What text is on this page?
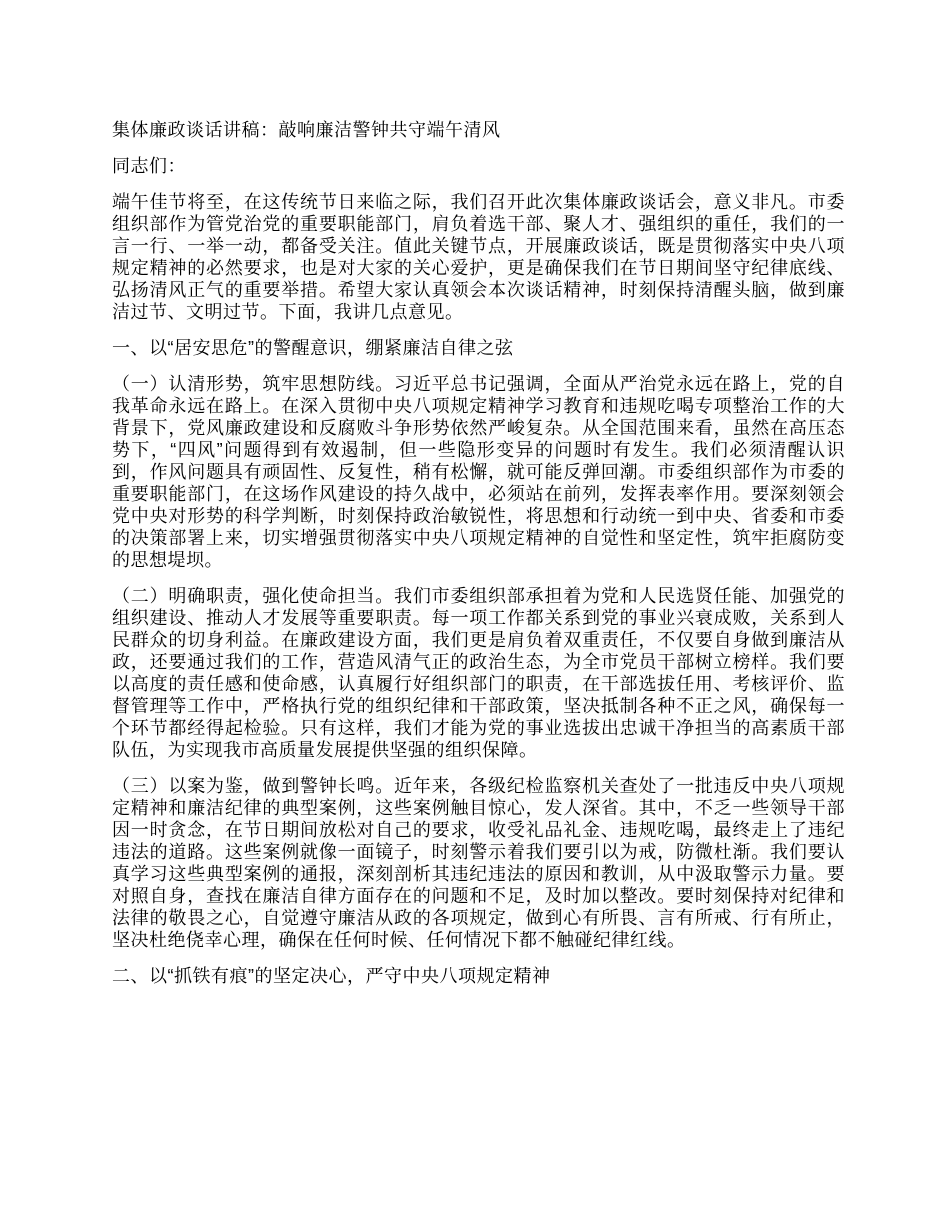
集体廉政谈话讲稿：敲响廉洁警钟共守端午清风

同志们：

端午佳节将至，在这传统节日来临之际，我们召开此次集体廉政谈话会，意义非凡。市委组织部作为管党治党的重要职能部门，肩负着选干部、聚人才、强组织的重任，我们的一言一行、一举一动，都备受关注。值此关键节点，开展廉政谈话，既是贯彻落实中央八项规定精神的必然要求，也是对大家的关心爱护，更是确保我们在节日期间坚守纪律底线、弘扬清风正气的重要举措。希望大家认真领会本次谈话精神，时刻保持清醒头脑，做到廉洁过节、文明过节。下面，我讲几点意见。

一、以“居安思危”的警醒意识，绷紧廉洁自律之弦

（一）认清形势，筑牢思想防线。习近平总书记强调，全面从严治党永远在路上，党的自我革命永远在路上。在深入贯彻中央八项规定精神学习教育和违规吃喝专项整治工作的大背景下，党风廉政建设和反腐败斗争形势依然严峻复杂。从全国范围来看，虽然在高压态势下，“四风”问题得到有效遏制，但一些隐形变异的问题时有发生。我们必须清醒认识到，作风问题具有顽固性、反复性，稍有松懈，就可能反弹回潮。市委组织部作为市委的重要职能部门，在这场作风建设的持久战中，必须站在前列，发挥表率作用。要深刻领会党中央对形势的科学判断，时刻保持政治敏锐性，将思想和行动统一到中央、省委和市委的决策部署上来，切实增强贯彻落实中央八项规定精神的自觉性和坚定性，筑牢拒腐防变的思想堤坝。

（二）明确职责，强化使命担当。我们市委组织部承担着为党和人民选贤任能、加强党的组织建设、推动人才发展等重要职责。每一项工作都关系到党的事业兴衰成败，关系到人民群众的切身利益。在廉政建设方面，我们更是肩负着双重责任，不仅要自身做到廉洁从政，还要通过我们的工作，营造风清气正的政治生态，为全市党员干部树立榜样。我们要以高度的责任感和使命感，认真履行好组织部门的职责，在干部选拔任用、考核评价、监督管理等工作中，严格执行党的组织纪律和干部政策，坚决抵制各种不正之风，确保每一个环节都经得起检验。只有这样，我们才能为党的事业选拔出忠诚干净担当的高素质干部队伍，为实现我市高质量发展提供坚强的组织保障。

（三）以案为鉴，做到警钟长鸣。近年来，各级纪检监察机关查处了一批违反中央八项规定精神和廉洁纪律的典型案例，这些案例触目惊心，发人深省。其中，不乏一些领导干部因一时贪念，在节日期间放松对自己的要求，收受礼品礼金、违规吃喝，最终走上了违纪违法的道路。这些案例就像一面镜子，时刻警示着我们要引以为戒，防微杜渐。我们要认真学习这些典型案例的通报，深刻剖析其违纪违法的原因和教训，从中汲取警示力量。要对照自身，查找在廉洁自律方面存在的问题和不足，及时加以整改。要时刻保持对纪律和法律的敬畏之心，自觉遵守廉洁从政的各项规定，做到心有所畏、言有所戒、行有所止，坚决杜绝侥幸心理，确保在任何时候、任何情况下都不触碰纪律红线。

二、以“抓铁有痕”的坚定决心，严守中央八项规定精神
